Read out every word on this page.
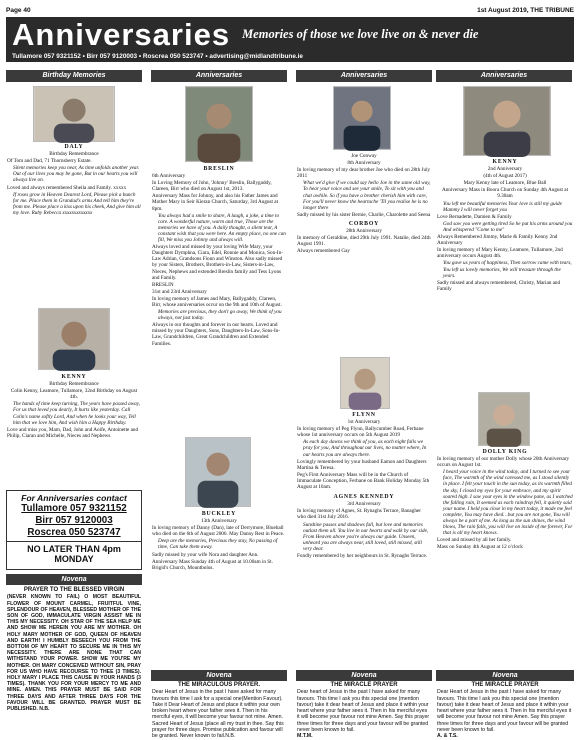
Page 40	1st August 2019, THE TRIBUNE
Anniversaries Memories of those we love live on & never die
Tullamore 057 9321152 • Birr 057 9120003 • Roscrea 050 523747 • advertising@midlandtribune.ie
Birthday Memories

DALY

Birthday Remembrance

Of Tom and Dad, 71 Thornsberry Estate.

Silent memories keep you near, As time unfolds another year. Out of our lives you may be gone, But in our hearts you will always live on.

Loved and always remembered Sheila and Family. xxxxx

If roses grow in Heaven Dearest Lord, Please pick a bunch for me. Place them in Grandad's arms And tell him they're from me. Please place a kiss upon his cheek, And give him all my love. Ruby Rebecca xxxxxxxxxxxxx

KENNY

Birthday Remembrance

Colin Kenny, Leamore, Tullamore, 32nd Birthday on August 4th.

The hands of time keep turning, The years have passed away, For us that loved you dearly, It hurts like yesterday. Call Colin's name softly Lord, And when he looks your way, Tell him that we love him, And wish him a Happy Birthday.

Love and miss you, Mam, Dad, John and Aoife, Antoinette and Philip, Ciaran and Michelle, Nieces and Nephews

For Anniversaries contact
Tullamore 057 9321152
Birr 057 9120003
Roscrea 050 523747
NO LATER THAN 4pm MONDAY
Novena

PRAYER TO THE BLESSED VIRGIN

(NEVER KNOWN TO FAIL) O MOST BEAUTIFUL FLOWER OF MOUNT CARMEL, FRUITFUL VINE, SPLENDOUR OF HEAVEN, BLESSED MOTHER OF THE SON OF GOD, IMMACULATE VIRGIN ASSIST ME IN THIS MY NECESSITY. OH STAR OF THE SEA HELP ME AND SHOW ME HEREIN YOU ARE MY MOTHER. OH HOLY MARY MOTHER OF GOD, QUEEN OF HEAVEN AND EARTH! I HUMBLY BESEECH YOU FROM THE BOTTOM OF MY HEART TO SECURE ME IN THIS MY NECESSITY. THERE ARE NONE THAT CAN WITHSTAND YOUR POWER. SHOW ME YOU'RE MY MOTHER. OH MARY CONCEIVED WITHOUT SIN, PRAY FOR US WHO HAVE RECOURSE TO THEE (3 TIMES). HOLY MARY I PLACE THIS CAUSE IN YOUR HANDS (3 TIMES). THANK YOU FOR YOUR MERCY TO ME AND MINE. AMEN. THIS PRAYER MUST BE SAID FOR THREE DAYS AND AFTER THREE DAYS FOR THE FAVOUR WILL BE GRANTED. PRAYER MUST BE PUBLISHED. N.B.

Anniversaries

BRESLIN

6th Anniversary

In Loving Memory of John, 'Johnny' Breslin, Ballygaddy, Clareen, Birr who died on August 1st, 2013.

Anniversary Mass for Johnny, and also his Father James and Mother Mary in Seir Kieran Church, Saturday, 3rd August at 8pm.

You always had a smile to share, A laugh, a joke, a time to care. A wonderful nature, warm and true, Those are the memories we have of you. A daily thought, a silent tear, A constant wish that you were here. An empty place, no one can fill, We miss you Johnny and always will.

Always loved and missed by your loving Wife Mary, your Daughters Dymphna, Ciara, Edel, Ronnie and Monica, Son-In-Law Adrian, Grandsons Fionn and Winston. Also sadly missed by your Sisters, Brothers, Brothers-in-Law, Sisters-in-Law, Nieces, Nephews and extended Breslin family and Tess Lyons and Family.

BRESLIN

31st and 23rd Anniversary

In loving memory of James and Mary, Ballygaddy, Clareen, Birr, whose anniversaries occur on the 9th and 10th of August.

Memories are precious, they don't go away, We think of you always, not just today.

Always in our thoughts and forever in our hearts. Loved and missed by your Daughters, Sons, Daughters-In-Law, Sons-In-Law, Grandchildren, Great Grandchildren and Extended Families.

BUCKLEY

13th Anniversary

In loving memory of Danny (Dan), late of Derrymore, Blueball who died on the 6th of August 2006. May Danny Rest in Peace.

Deep are the memories, Precious they stay, No passing of time, Can take them away.

Sadly missed by your wife Nora and daughter Ann.

Anniversary Mass Sunday 4th of August at 10.00am in St. Brigid's Church, Mountbolus.

Anniversaries

Joe Conway

8th Anniversary

In loving memory of my dear brother Joe who died on 28th July 2011

What we'd give if we could say hello Joe in the same old way, To hear your voice and see your smile, To sit with you and chat awhile. So if you have a brother cherish him with care, For you'll never know the heartache 'Til you realise he is no longer there

Sadly missed by his sister Bernie, Charlie, Charolette and Seena

CORBOY

28th Anniversary

In memory of Geraldine, died 29th July 1991. Natalie, died 24th August 1991.

Always remembered Gay

FLYNN

1st Anniversary

In loving memory of Peg Flynn, Ballycumber Road, Ferbane whose 1st anniversary occurs on 5th August 2019

As each day dawns we think of you, as each night falls we pray for you, And throughout our lives, no matter where, In our hearts you are always there.

Lovingly remembered by your husband Eamon and Daughters Martina & Teresa.

Peg's First Anniversary Mass will be in the Church of Immaculate Conception, Ferbane on Bank Holiday Monday 5th August at 10am.

AGNES KENNEDY

3rd Anniversary

In loving memory of Agnes, St. Rynaghs Terrace, Banagher who died 31st July 2016.

Sunshine passes and shadows fall, but love and memories outlast them all. You live in our hearts and walk by our side, From Heaven above you're always our guide. Unseen, unheard you are always near, still loved, still missed, still very dear.

Fondly remembered by her neighbours in St. Rynaghs Terrace.

Anniversaries

KENNY

2nd Anniversary

(4th of August 2017)

Mary Kenny late of Leamore, Blue Ball

Anniversary Mass in Boora Church on Sunday 4th August at 9.30am

You left me beautiful memories Your love is still my guide Mammy I will never forget you

Love Bernadette, Damien & Family

God saw you were getting tired So he put his arms around you And whispered "Come to me"

Always Remembered Jimmy, Marie & Family Kenny 2nd Anniversary

In loving memory of Mary Kenny, Leamore, Tullamore, 2nd anniversary occurs August 4th.

You gave us years of happiness, Then sorrow came with tears, You left us lovely memories, We will treasure through the years.

Sadly missed and always remembered, Christy, Marian and Family

DOLLY KING

In loving memory of our mother Dolly whose 20th Anniversary occurs on August 1st.

I heard your voice in the wind today, and I turned to see your face, The warmth of the wind caressed me, as I stood silently in place. I felt your touch in the sun today, as its warmth filled the sky, I closed my eyes for your embrace, and my spirit soared high. I saw your eyes in the window pane, as I watched the falling rain, It seemed as each raindrop fell, it quietly said your name. I held you close in my heart today, it made me feel complete, You may have died…but you are not gone, You will always be a part of me. As long as the sun shines, the wind blows, The rain falls, you will live on inside of me forever, For that is all my heart knows.

Loved and missed by all her family.

Mass on Sunday 4th August at 12 o'clock

Novena

THE MIRACULOUS PRAYER.

Dear Heart of Jesus in the past I have asked for many favours this time I ask for a special one(Mention Favour). Take it Dear Heart of Jesus and place it within your own broken heart where your father sees it. Then in his merciful eyes, it will become your favour not mine. Amen. Sacred Heart of Jesus (place all my trust in thee. Say this prayer for three days. Promise publication and favour will be granted. Never known to fail.N.B.

Novena

THE MIRACLE PRAYER

Dear heart of Jesus in the past I have asked for many favours. This time I ask you this special one (mention favour) take it dear heart of Jesus and place it within your heart where your father sees it. Then in his merciful eyes it will become your favour not mine Amen. Say this prayer three times for three days and your favour will be granted never been known to fail.

M.T.M.

Novena

THE MIRACLE PRAYER

Dear Heart of Jesus in the past I have asked for many favours. This time I ask you this special one (mention favour) take it dear heart of Jesus and place it within your heart where your father sees it. Then in his merciful eyes it will become your favour not mine Amen. Say this prayer three times for three days and your favour will be granted never been known to fail.

A. & T.S.
